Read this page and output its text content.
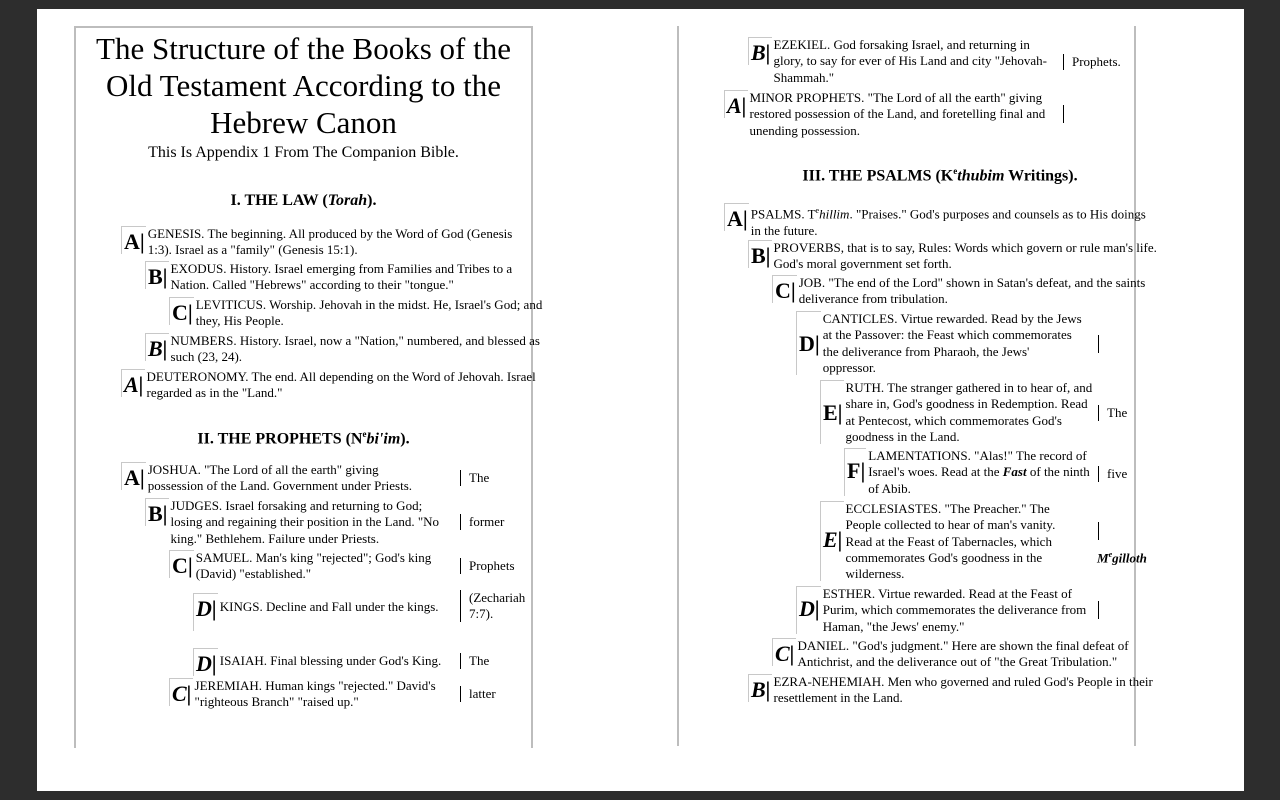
The Structure of the Books of the
Old Testament According to the
Hebrew Canon
This Is Appendix 1 From The Companion Bible.
I. THE LAW (Torah).
A| GENESIS. The beginning. All produced by the Word of God (Genesis 1:3). Israel as a "family" (Genesis 15:1).
B| EXODUS. History. Israel emerging from Families and Tribes to a Nation. Called "Hebrews" according to their "tongue."
C| LEVITICUS. Worship. Jehovah in the midst. He, Israel's God; and they, His People.
B| NUMBERS. History. Israel, now a "Nation," numbered, and blessed as such (23, 24).
A| DEUTERONOMY. The end. All depending on the Word of Jehovah. Israel regarded as in the "Land."
II. THE PROPHETS $(N^ebi'im)$.
A| JOSHUA. "The Lord of all the earth" giving possession of the Land. Government under Priests.
The
B| JUDGES. Israel forsaking and returning to God; losing and regaining their position in the Land. "No king." Bethlehem. Failure under Priests.
former
C| SAMUEL. Man's king "rejected"; God's king (David) "established."
Prophets
D| KINGS. Decline and Fall under the kings.
(Zechariah 7:7).
D| ISAIAH. Final blessing under God's King.	The
C| JEREMIAH. Human kings "rejected." David's "righteous Branch" "raised up."
latter
B| EZEKIEL. God forsaking Israel, and returning in glory, to say for ever of His Land and city "Jehovah-Shammah."
Prophets.
A| MINOR PROPHETS. "The Lord of all the earth" giving restored possession of the Land, and foretelling final and unending possession.
III. THE PSALMS ($K^ethubim$ Writings).
A| PSALMS. $T^ehillim$. "Praises." God's purposes and counsels as to His doings in the future.
B| PROVERBS, that is to say, Rules: Words which govern or rule man's life. God's moral government set forth.
C| JOB. "The end of the Lord" shown in Satan's defeat, and the saints deliverance from tribulation.
D|
CANTICLES. Virtue rewarded. Read by the Jews at the Passover: the Feast which commemorates the deliverance from Pharaoh, the Jews' oppressor.
E|
RUTH. The stranger gathered in to hear of, and share in, God's goodness in Redemption. Read at Pentecost, which commemorates God's goodness in the Land.
The
F|
LAMENTATIONS. "Alas!" The record of Israel's woes. Read at the Fast of the ninth of Abib.
five
E|
ECCLESIASTES. "The Preacher." The People collected to hear of man's vanity. Read at the Feast of Tabernacles, which commemorates God's goodness in the wilderness.
Megilloth
D|
ESTHER. Virtue rewarded. Read at the Feast of Purim, which commemorates the deliverance from Haman, "the Jews' enemy."
C| DANIEL. "God's judgment." Here are shown the final defeat of Antichrist, and the deliverance out of "the Great Tribulation."
B| EZRA-NEHEMIAH. Men who governed and ruled God's People in their resettlement in the Land.
